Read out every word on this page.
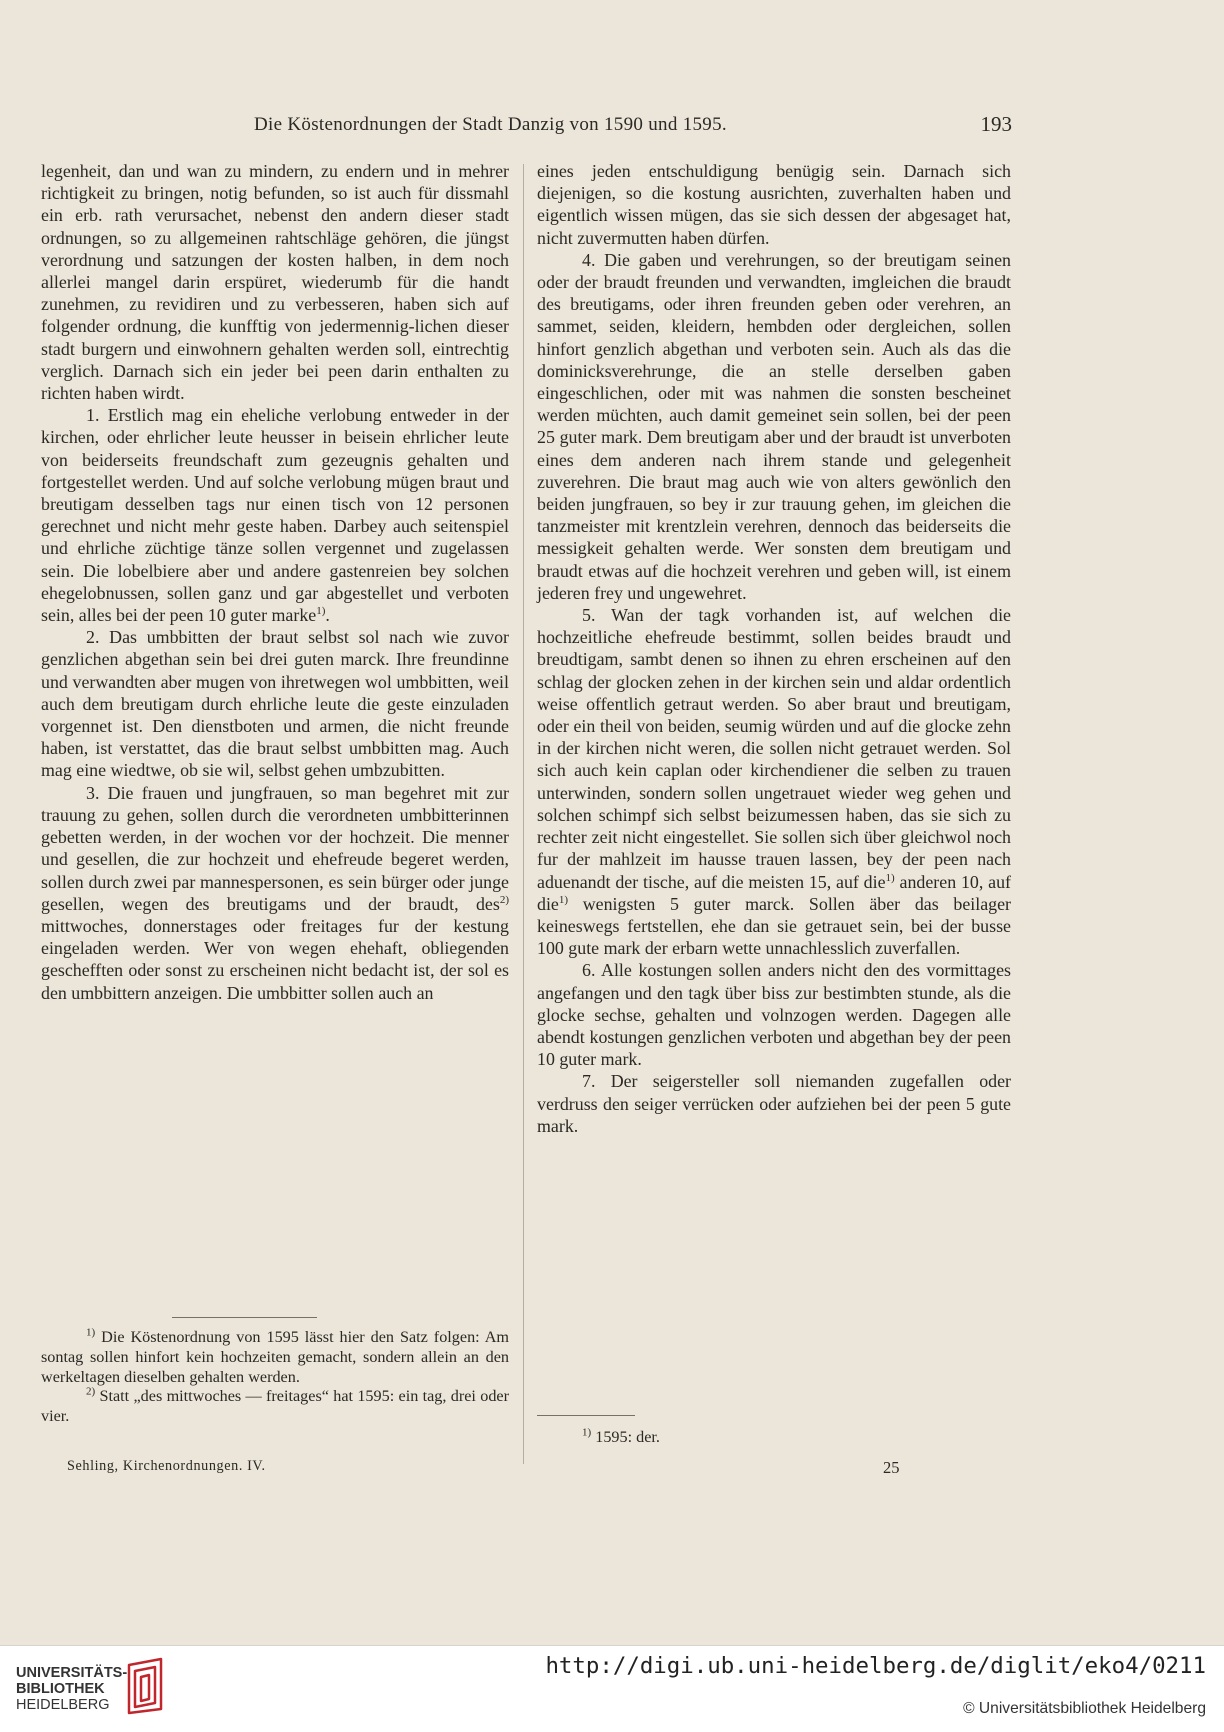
Die Köstenordnungen der Stadt Danzig von 1590 und 1595.	193

legenheit, dan und wan zu mindern, zu endern und in mehrer richtigkeit zu bringen, notig befunden, so ist auch für dissmahl ein erb. rath verursachet, nebenst den andern dieser stadt ordnungen, so zu allgemeinen rahtschläge gehören, die jüngst verordnung und satzungen der kosten halben, in dem noch allerlei mangel darin erspüret, wiederumb für die handt zunehmen, zu revidiren und zu verbesseren, haben sich auf folgender ordnung, die kunfftig von jedermennig-lichen dieser stadt burgern und einwohnern gehalten werden soll, eintrechtig verglich. Darnach sich ein jeder bei peen darin enthalten zu richten haben wirdt.

1. Erstlich mag ein eheliche verlobung entweder in der kirchen, oder ehrlicher leute heusser in beisein ehrlicher leute von beiderseits freundschaft zum gezeugnis gehalten und fortgestellet werden. Und auf solche verlobung mügen braut und breutigam desselben tags nur einen tisch von 12 personen gerechnet und nicht mehr geste haben. Darbey auch seitenspiel und ehrliche züchtige tänze sollen vergennet und zugelassen sein. Die lobelbiere aber und andere gastenreien bey solchen ehegelobnussen, sollen ganz und gar abgestellet und verboten sein, alles bei der peen 10 guter marke$^{1)}$.

2. Das umbbitten der braut selbst sol nach wie zuvor genzlichen abgethan sein bei drei guten marck. Ihre freundinne und verwandten aber mugen von ihretwegen wol umbbitten, weil auch dem breutigam durch ehrliche leute die geste einzuladen vorgennet ist. Den dienstboten und armen, die nicht freunde haben, ist verstattet, das die braut selbst umbbitten mag. Auch mag eine wiedtwe, ob sie wil, selbst gehen umbzubitten.

3. Die frauen und jungfrauen, so man begehret mit zur trauung zu gehen, sollen durch die verordneten umbbitterinnen gebetten werden, in der wochen vor der hochzeit. Die menner und gesellen, die zur hochzeit und ehefreude begeret werden, sollen durch zwei par mannespersonen, es sein bürger oder junge gesellen, wegen des breutigams und der braudt, des$^{2)}$ mittwoches, donnerstages oder freitages fur der kestung eingeladen werden. Wer von wegen ehehaft, obliegenden geschefften oder sonst zu erscheinen nicht bedacht ist, der sol es den umbbittern anzeigen. Die umbbitter sollen auch an

eines jeden entschuldigung benügig sein. Darnach sich diejenigen, so die kostung ausrichten, zuverhalten haben und eigentlich wissen mügen, das sie sich dessen der abgesaget hat, nicht zuvermutten haben dürfen.

4. Die gaben und verehrungen, so der breutigam seinen oder der braudt freunden und verwandten, imgleichen die braudt des breutigams, oder ihren freunden geben oder verehren, an sammet, seiden, kleidern, hembden oder dergleichen, sollen hinfort genzlich abgethan und verboten sein. Auch als das die dominicksverehrunge, die an stelle derselben gaben eingeschlichen, oder mit was nahmen die sonsten bescheinet werden müchten, auch damit gemeinet sein sollen, bei der peen 25 guter mark. Dem breutigam aber und der braudt ist unverboten eines dem anderen nach ihrem stande und gelegenheit zuverehren. Die braut mag auch wie von alters gewönlich den beiden jungfrauen, so bey ir zur trauung gehen, im gleichen die tanzmeister mit krentzlein verehren, dennoch das beiderseits die messigkeit gehalten werde. Wer sonsten dem breutigam und braudt etwas auf die hochzeit verehren und geben will, ist einem jederen frey und ungewehret.

5. Wan der tagk vorhanden ist, auf welchen die hochzeitliche ehefreude bestimmt, sollen beides braudt und breudtigam, sambt denen so ihnen zu ehren erscheinen auf den schlag der glocken zehen in der kirchen sein und aldar ordentlich weise offentlich getraut werden. So aber braut und breutigam, oder ein theil von beiden, seumig würden und auf die glocke zehn in der kirchen nicht weren, die sollen nicht getrauet werden. Sol sich auch kein caplan oder kirchendiener die selben zu trauen unterwinden, sondern sollen ungetrauet wieder weg gehen und solchen schimpf sich selbst beizumessen haben, das sie sich zu rechter zeit nicht eingestellet. Sie sollen sich über gleichwol noch fur der mahlzeit im hausse trauen lassen, bey der peen nach aduenandt der tische, auf die meisten 15, auf die$^{1)}$ anderen 10, auf die$^{1)}$ wenigsten 5 guter marck. Sollen äber das beilager keineswegs fertstellen, ehe dan sie getrauet sein, bei der busse 100 gute mark der erbarn wette unnachlesslich zuverfallen.

6. Alle kostungen sollen anders nicht den des vormittages angefangen und den tagk über biss zur bestimbten stunde, als die glocke sechse, gehalten und volnzogen werden. Dagegen alle abendt kostungen genzlichen verboten und abgethan bey der peen 10 guter mark.

7. Der seigersteller soll niemanden zugefallen oder verdruss den seiger verrücken oder aufziehen bei der peen 5 gute mark.

$^{1)}$ Die Köstenordnung von 1595 lässt hier den Satz folgen: Am sontag sollen hinfort kein hochzeiten gemacht, sondern allein an den werkeltagen dieselben gehalten werden.

$^{2)}$ Statt „des mittwoches — freitages“ hat 1595: ein tag, drei oder vier.

$^{1)}$ 1595: der.

Sehling, Kirchenordnungen. IV.	25
UNIVERSITÄTS-
BIBLIOTHEK
HEIDELBERG
http://digi.ub.uni-heidelberg.de/diglit/eko4/0211
© Universitätsbibliothek Heidelberg
